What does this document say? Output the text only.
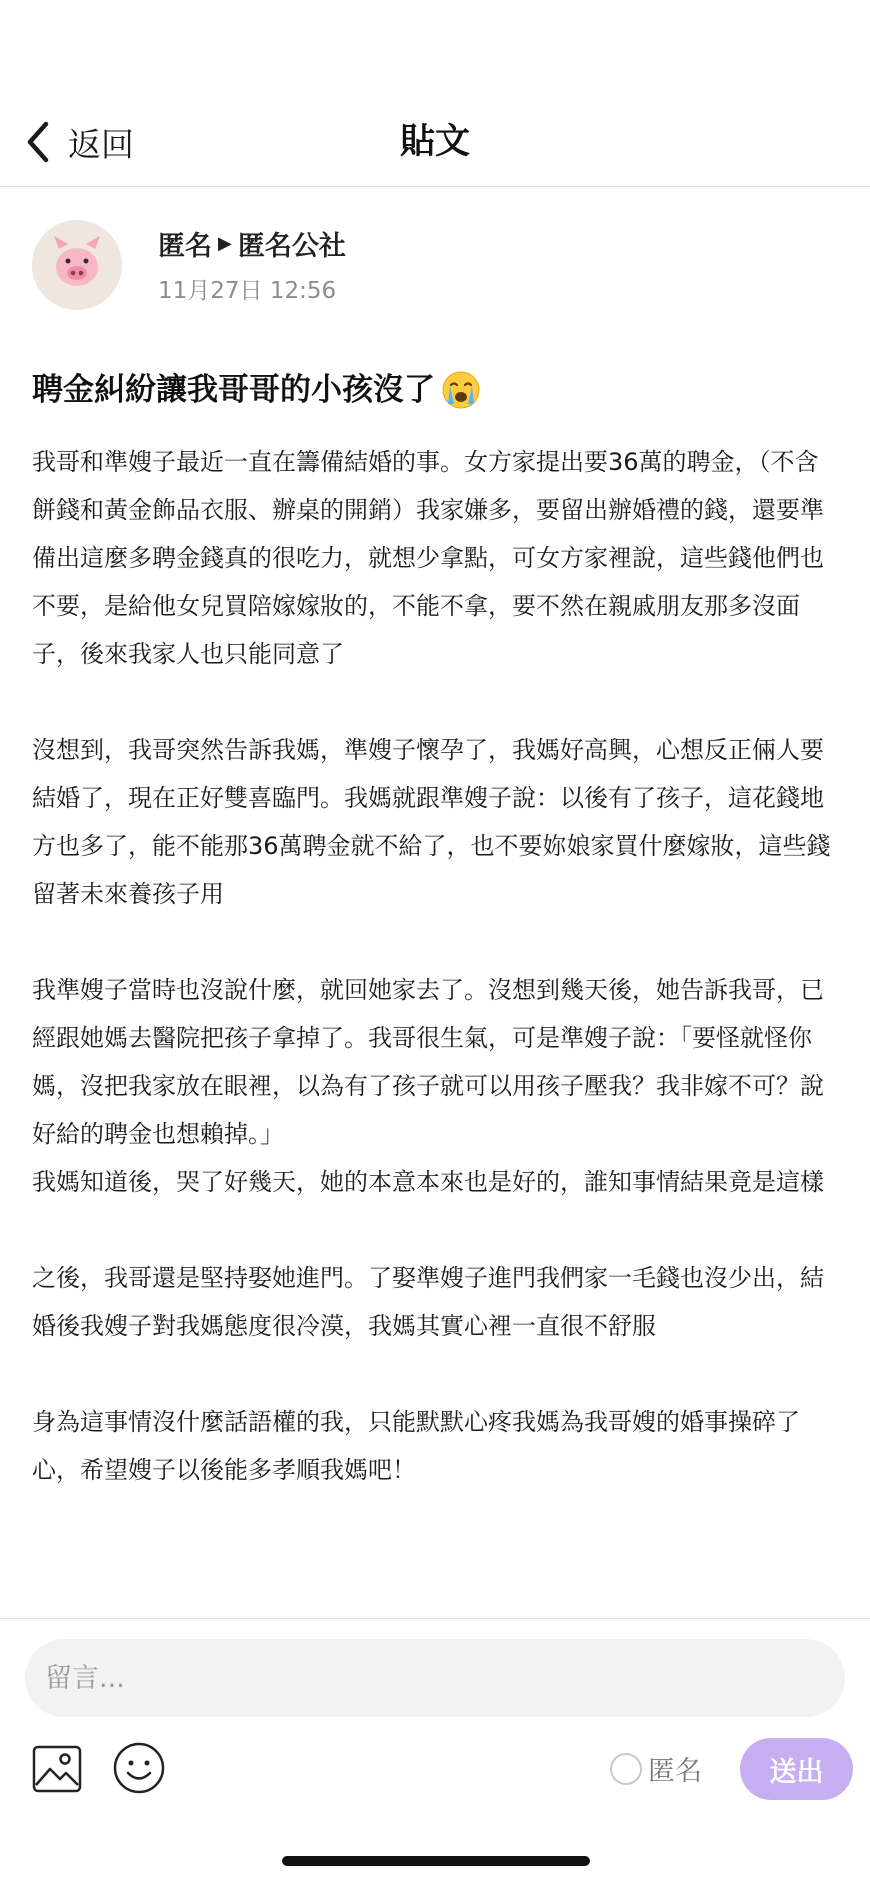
返回	貼文
匿名 ▶ 匿名公社
11月27日 12:56
聘金糾紛讓我哥哥的小孩沒了

我哥和準嫂子最近一直在籌備結婚的事。女方家提出要36萬的聘金，（不含餅錢和黃金飾品衣服、辦桌的開銷）我家嫌多，要留出辦婚禮的錢，還要準備出這麼多聘金錢真的很吃力，就想少拿點，可女方家裡說，這些錢他們也不要，是給他女兒買陪嫁嫁妝的，不能不拿，要不然在親戚朋友那多沒面子，後來我家人也只能同意了

沒想到，我哥突然告訴我媽，準嫂子懷孕了，我媽好高興，心想反正倆人要結婚了，現在正好雙喜臨門。我媽就跟準嫂子說：以後有了孩子，這花錢地方也多了，能不能那36萬聘金就不給了，也不要妳娘家買什麼嫁妝，這些錢留著未來養孩子用

我準嫂子當時也沒說什麼，就回她家去了。沒想到幾天後，她告訴我哥，已經跟她媽去醫院把孩子拿掉了。我哥很生氣，可是準嫂子說：「要怪就怪你媽，沒把我家放在眼裡，以為有了孩子就可以用孩子壓我？我非嫁不可？說好給的聘金也想賴掉。」

我媽知道後，哭了好幾天，她的本意本來也是好的，誰知事情結果竟是這樣

之後，我哥還是堅持娶她進門。了娶準嫂子進門我們家一毛錢也沒少出，結婚後我嫂子對我媽態度很冷漠，我媽其實心裡一直很不舒服

身為這事情沒什麼話語權的我，只能默默心疼我媽為我哥嫂的婚事操碎了心，希望嫂子以後能多孝順我媽吧！

留言...
匿名	送出
